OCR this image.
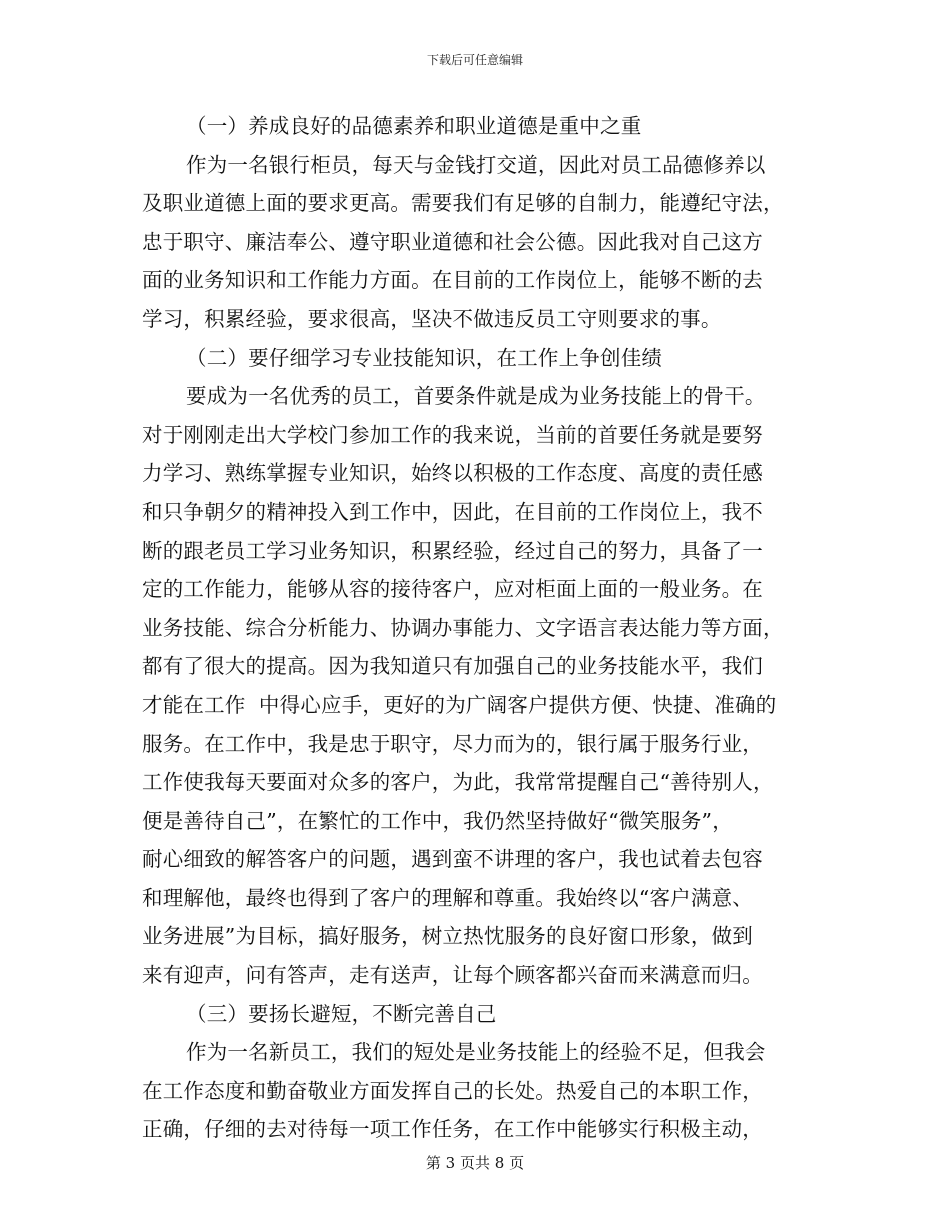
下载后可任意编辑
（一）养成良好的品德素养和职业道德是重中之重
作为一名银行柜员，每天与金钱打交道，因此对员工品德修养以
及职业道德上面的要求更高。需要我们有足够的自制力，能遵纪守法，
忠于职守、廉洁奉公、遵守职业道德和社会公德。因此我对自己这方
面的业务知识和工作能力方面。在目前的工作岗位上，能够不断的去
学习，积累经验，要求很高，坚决不做违反员工守则要求的事。
（二）要仔细学习专业技能知识，在工作上争创佳绩
要成为一名优秀的员工，首要条件就是成为业务技能上的骨干。
对于刚刚走出大学校门参加工作的我来说，当前的首要任务就是要努
力学习、熟练掌握专业知识，始终以积极的工作态度、高度的责任感
和只争朝夕的精神投入到工作中，因此，在目前的工作岗位上，我不
断的跟老员工学习业务知识，积累经验，经过自己的努力，具备了一
定的工作能力，能够从容的接待客户，应对柜面上面的一般业务。在
业务技能、综合分析能力、协调办事能力、文字语言表达能力等方面，
都有了很大的提高。因为我知道只有加强自己的业务技能水平，我们
才能在工作  中得心应手，更好的为广阔客户提供方便、快捷、准确的
服务。在工作中，我是忠于职守，尽力而为的，银行属于服务行业，
工作使我每天要面对众多的客户，为此，我常常提醒自己“善待别人，
便是善待自己”，在繁忙的工作中，我仍然坚持做好“微笑服务”，
耐心细致的解答客户的问题，遇到蛮不讲理的客户，我也试着去包容
和理解他，最终也得到了客户的理解和尊重。我始终以“客户满意、
业务进展”为目标，搞好服务，树立热忱服务的良好窗口形象，做到
来有迎声，问有答声，走有送声，让每个顾客都兴奋而来满意而归。
（三）要扬长避短，不断完善自己
作为一名新员工，我们的短处是业务技能上的经验不足，但我会
在工作态度和勤奋敬业方面发挥自己的长处。热爱自己的本职工作，
正确，仔细的去对待每一项工作任务，在工作中能够实行积极主动，
第 3 页共 8 页
